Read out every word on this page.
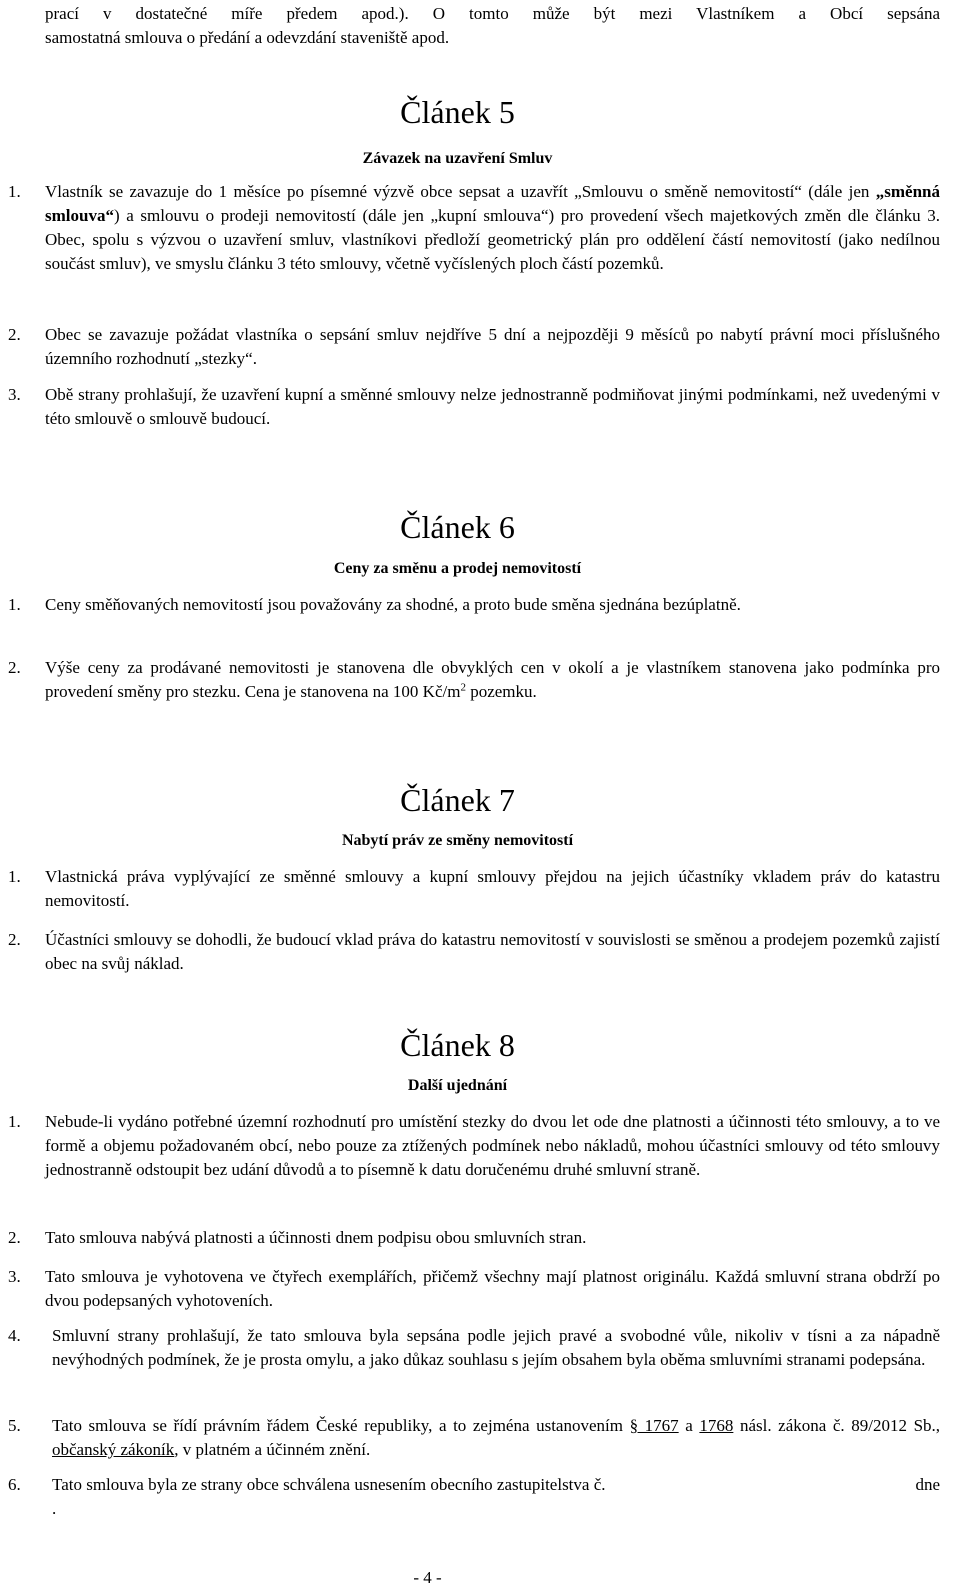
prací v dostatečné míře předem apod.). O tomto může být mezi Vlastníkem a Obcí sepsána
samostatná smlouva o předání a odevzdání staveniště apod.
Článek 5
Závazek na uzavření Smluv
1. Vlastník se zavazuje do 1 měsíce po písemné výzvě obce sepsat a uzavřít „Smlouvu o směně nemovitostí“ (dále jen „směnná smlouva“) a smlouvu o prodeji nemovitostí (dále jen „kupní smlouva“) pro provedení všech majetkových změn dle článku 3. Obec, spolu s výzvou o uzavření smluv, vlastníkovi předloží geometrický plán pro oddělení částí nemovitostí (jako nedílnou součást smluv), ve smyslu článku 3 této smlouvy, včetně vyčíslených ploch částí pozemků.
2. Obec se zavazuje požádat vlastníka o sepsání smluv nejdříve 5 dní a nejpozději 9 měsíců po nabytí právní moci příslušného územního rozhodnutí „stezky“.
3. Obě strany prohlašují, že uzavření kupní a směnné smlouvy nelze jednostranně podmiňovat jinými podmínkami, než uvedenými v této smlouvě o smlouvě budoucí.
Článek 6
Ceny za směnu a prodej nemovitostí
1. Ceny směňovaných nemovitostí jsou považovány za shodné, a proto bude směna sjednána bezúplatně.
2. Výše ceny za prodávané nemovitosti je stanovena dle obvyklých cen v okolí a je vlastníkem stanovena jako podmínka pro provedení směny pro stezku. Cena je stanovena na 100 $Kč/m^2$ pozemku.
Článek 7
Nabytí práv ze směny nemovitostí
1. Vlastnická práva vyplývající ze směnné smlouvy a kupní smlouvy přejdou na jejich účastníky vkladem práv do katastru nemovitostí.
2. Účastníci smlouvy se dohodli, že budoucí vklad práva do katastru nemovitostí v souvislosti se směnou a prodejem pozemků zajistí obec na svůj náklad.
Článek 8
Další ujednání
1. Nebude-li vydáno potřebné územní rozhodnutí pro umístění stezky do dvou let ode dne platnosti a účinnosti této smlouvy, a to ve formě a objemu požadovaném obcí, nebo pouze za ztížených podmínek nebo nákladů, mohou účastníci smlouvy od této smlouvy jednostranně odstoupit bez udání důvodů a to písemně k datu doručenému druhé smluvní straně.
2. Tato smlouva nabývá platnosti a účinnosti dnem podpisu obou smluvních stran.
3. Tato smlouva je vyhotovena ve čtyřech exemplářích, přičemž všechny mají platnost originálu. Každá smluvní strana obdrží po dvou podepsaných vyhotoveních.
4. Smluvní strany prohlašují, že tato smlouva byla sepsána podle jejich pravé a svobodné vůle, nikoliv v tísni a za nápadně nevýhodných podmínek, že je prosta omylu, a jako důkaz souhlasu s jejím obsahem byla oběma smluvními stranami podepsána.
5. Tato smlouva se řídí právním řádem České republiky, a to zejména ustanovením § 1767 a 1768 násl. zákona č. 89/2012 Sb., občanský zákoník, v platném a účinném znění.
6. Tato smlouva byla ze strany obce schválena usnesením obecního zastupitelstva č.	dne
.
- 4 -
